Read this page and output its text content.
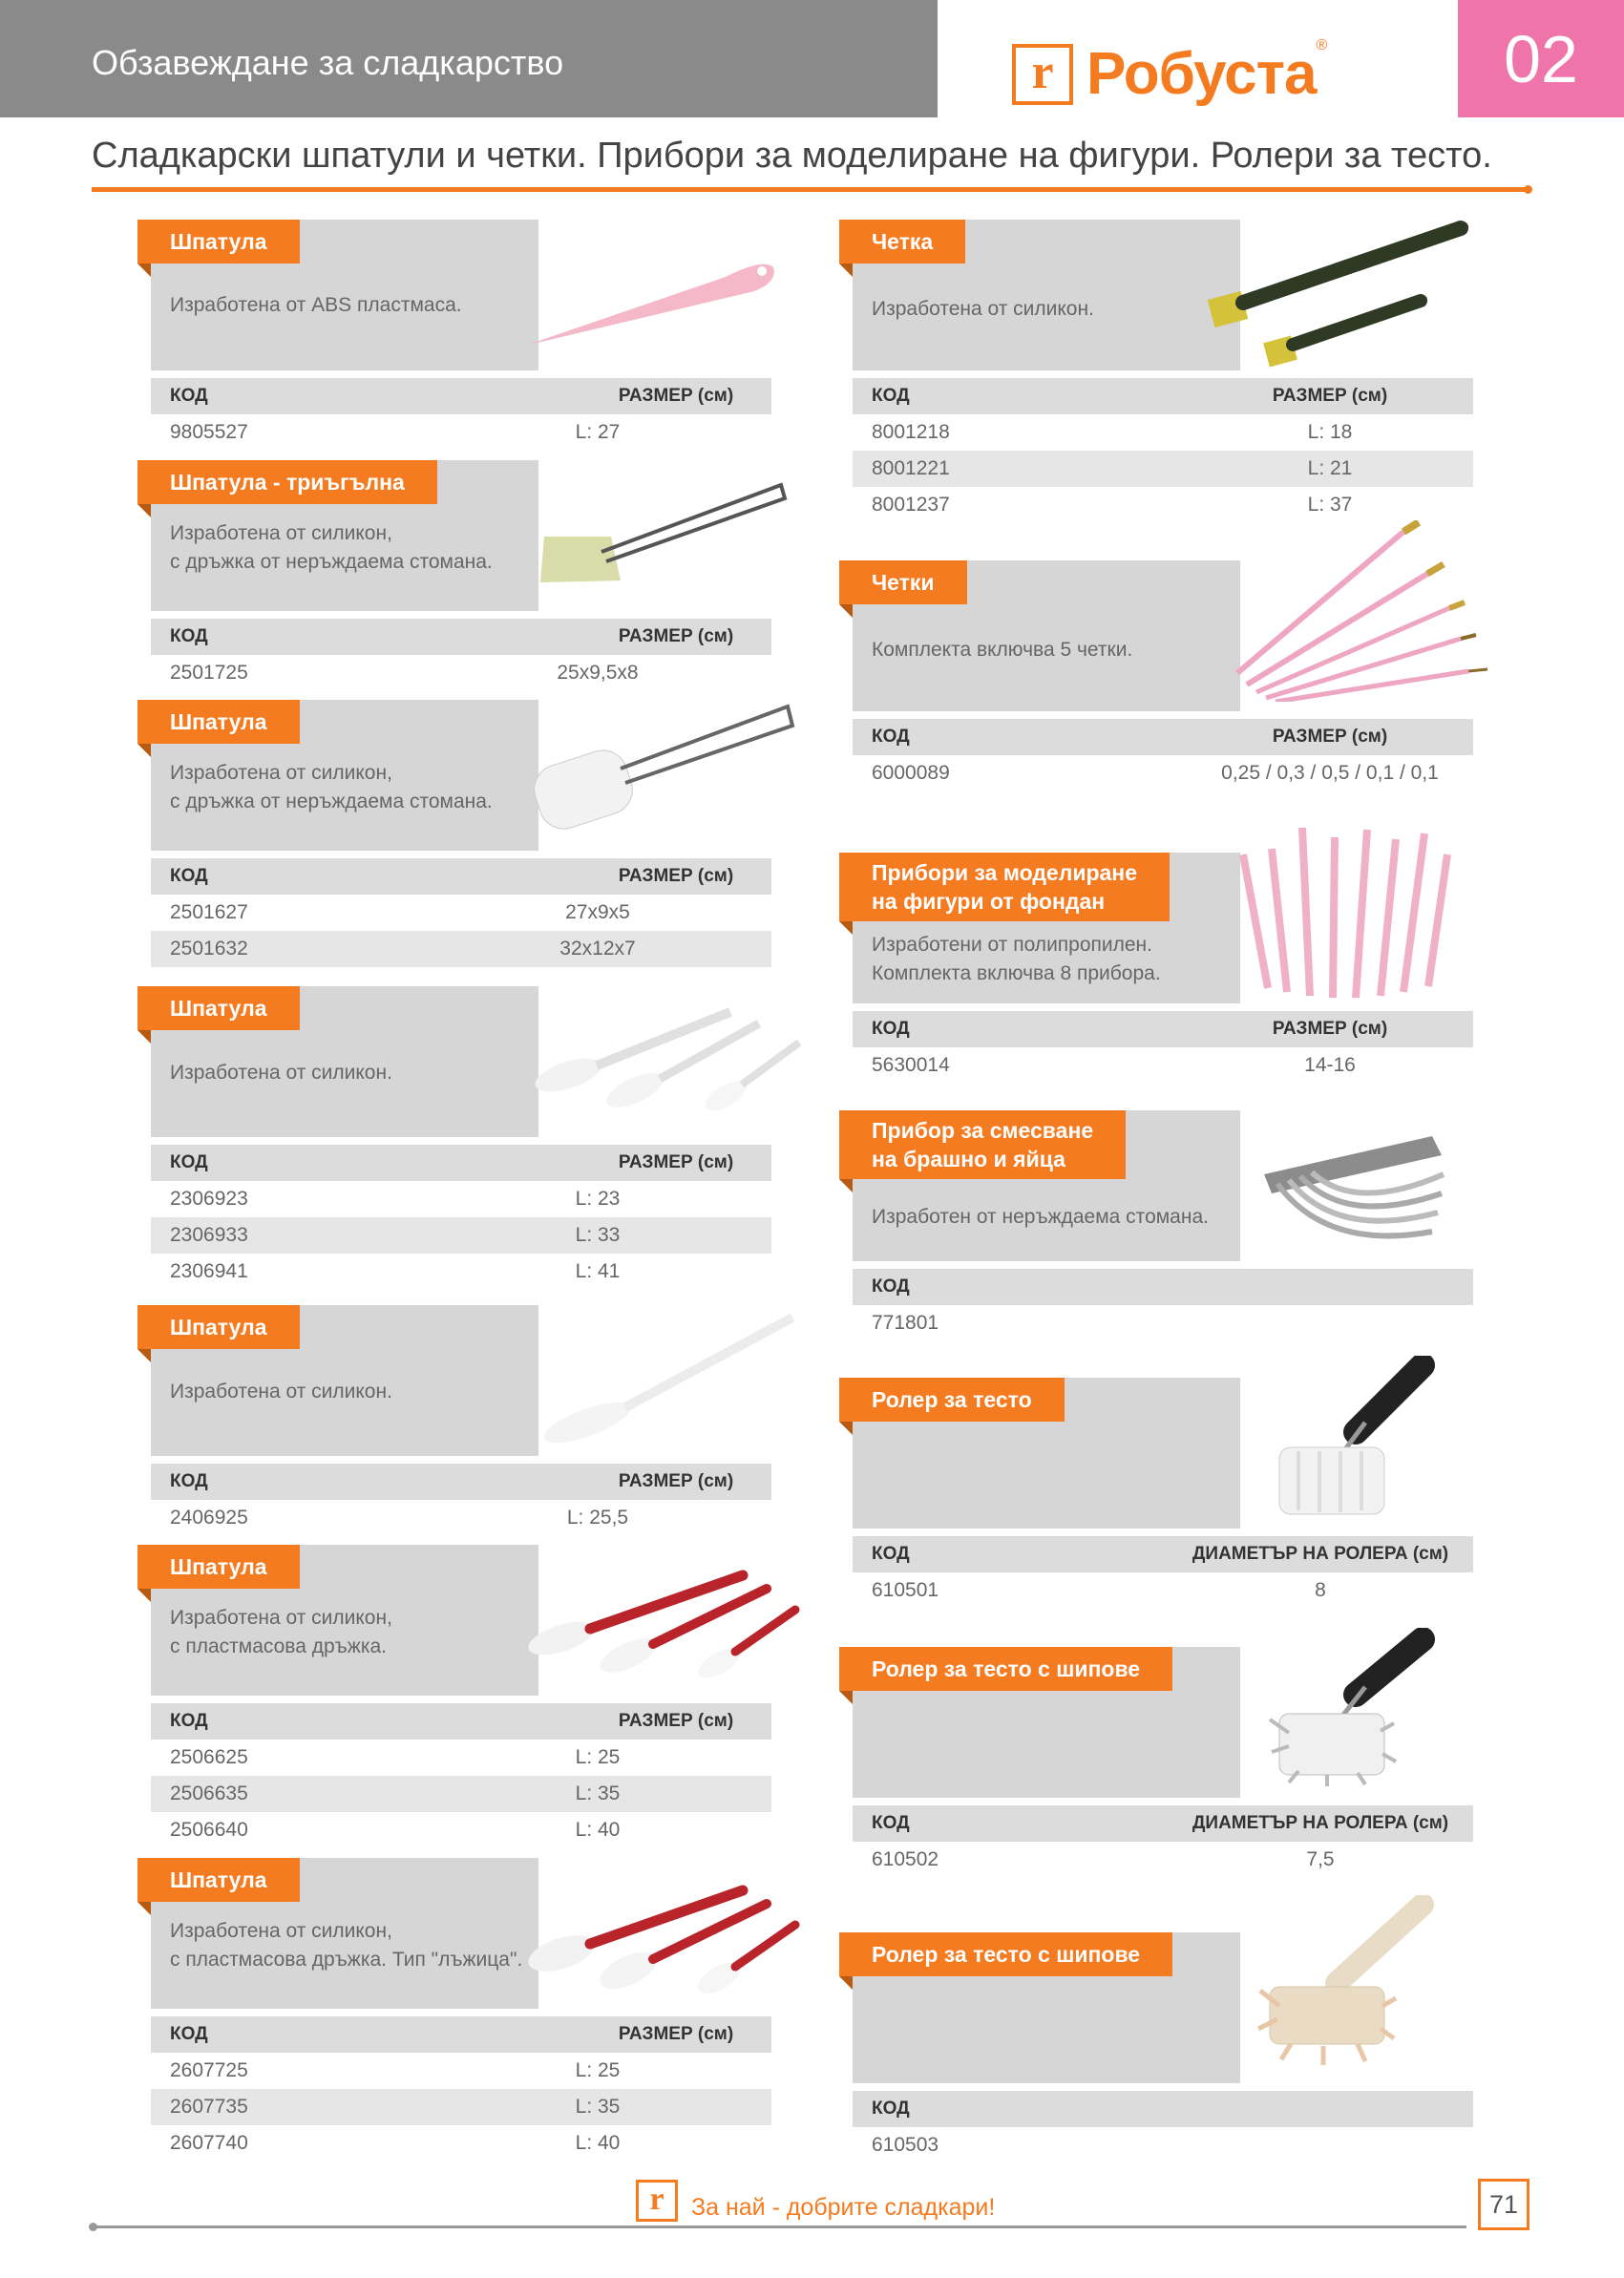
Обзавеждане за сладкарство	r Робуста ®	02
Сладкарски шпатули и четки. Прибори за моделиране на фигури. Ролери за тесто.
Шпатула
Изработена от ABS пластмаса.
КОД	РАЗМЕР (см)
9805527	L: 27
Шпатула - триъгълна
Изработена от силикон,
с дръжка от неръждаема стомана.
КОД	РАЗМЕР (см)
2501725	25x9,5x8
Шпатула
Изработена от силикон,
с дръжка от неръждаема стомана.
КОД	РАЗМЕР (см)
2501627	27x9x5
2501632	32x12x7
Шпатула
Изработена от силикон.
КОД	РАЗМЕР (см)
2306923	L: 23
2306933	L: 33
2306941	L: 41
Шпатула
Изработена от силикон.
КОД	РАЗМЕР (см)
2406925	L: 25,5
Шпатула
Изработена от силикон,
с пластмасова дръжка.
КОД	РАЗМЕР (см)
2506625	L: 25
2506635	L: 35
2506640	L: 40
Шпатула
Изработена от силикон,
с пластмасова дръжка. Тип "лъжица".
КОД	РАЗМЕР (см)
2607725	L: 25
2607735	L: 35
2607740	L: 40
Четка
Изработена от силикон.
КОД	РАЗМЕР (см)
8001218	L: 18
8001221	L: 21
8001237	L: 37
Четки
Комплекта включва 5 четки.
КОД	РАЗМЕР (см)
6000089	0,25 / 0,3 / 0,5 / 0,1 / 0,1
Прибори за моделиране
на фигури от фондан
Изработени от полипропилен.
Комплекта включва 8 прибора.
КОД	РАЗМЕР (см)
5630014	14-16
Прибор за смесване
на брашно и яйца
Изработен от неръждаема стомана.
КОД
771801
Ролер за тесто
КОД	ДИАМЕТЪР НА РОЛЕРА (см)
610501	8
Ролер за тесто с шипове
КОД	ДИАМЕТЪР НА РОЛЕРА (см)
610502	7,5
Ролер за тесто с шипове
КОД
610503
r За най - добрите сладкари!	71
